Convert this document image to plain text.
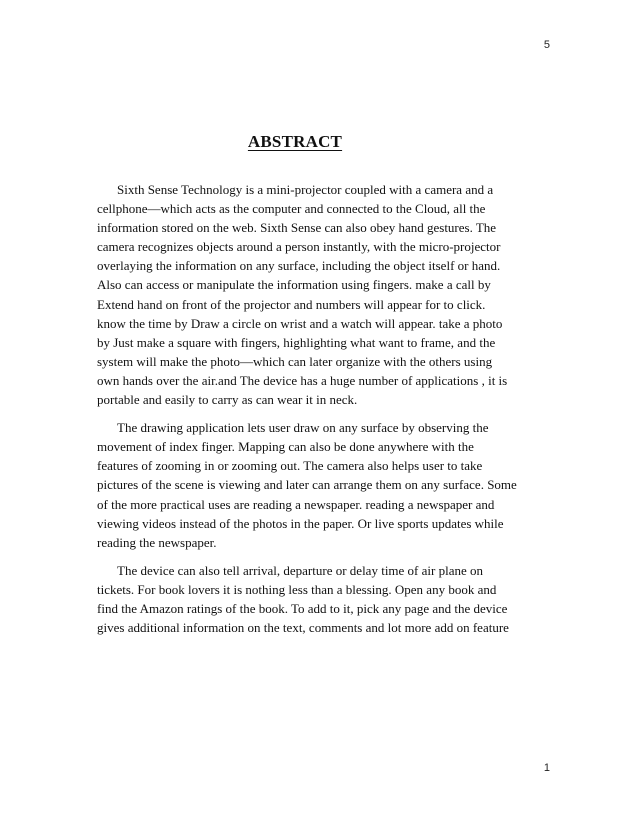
5
ABSTRACT

Sixth Sense Technology is a mini-projector coupled with a camera and a cellphone—which acts as the computer and connected to the Cloud, all the information stored on the web. Sixth Sense can also obey hand gestures. The camera recognizes objects around a person instantly, with the micro-projector overlaying the information on any surface, including the object itself or hand. Also can access or manipulate the information using fingers. make a call by Extend hand on front of the projector and numbers will appear for to click. know the time by Draw a circle on wrist and a watch will appear. take a photo by Just make a square with fingers, highlighting what want to frame, and the system will make the photo—which can later organize with the others using own hands over the air.and The device has a huge number of applications , it is portable and easily to carry as can wear it in neck.

The drawing application lets user draw on any surface by observing the movement of index finger. Mapping can also be done anywhere with the features of zooming in or zooming out. The camera also helps user to take pictures of the scene is viewing and later can arrange them on any surface. Some of the more practical uses are reading a newspaper. reading a newspaper and viewing videos instead of the photos in the paper. Or live sports updates while reading the newspaper.

The device can also tell arrival, departure or delay time of air plane on tickets. For book lovers it is nothing less than a blessing. Open any book and find the Amazon ratings of the book. To add to it, pick any page and the device gives additional information on the text, comments and lot more add on feature

1
